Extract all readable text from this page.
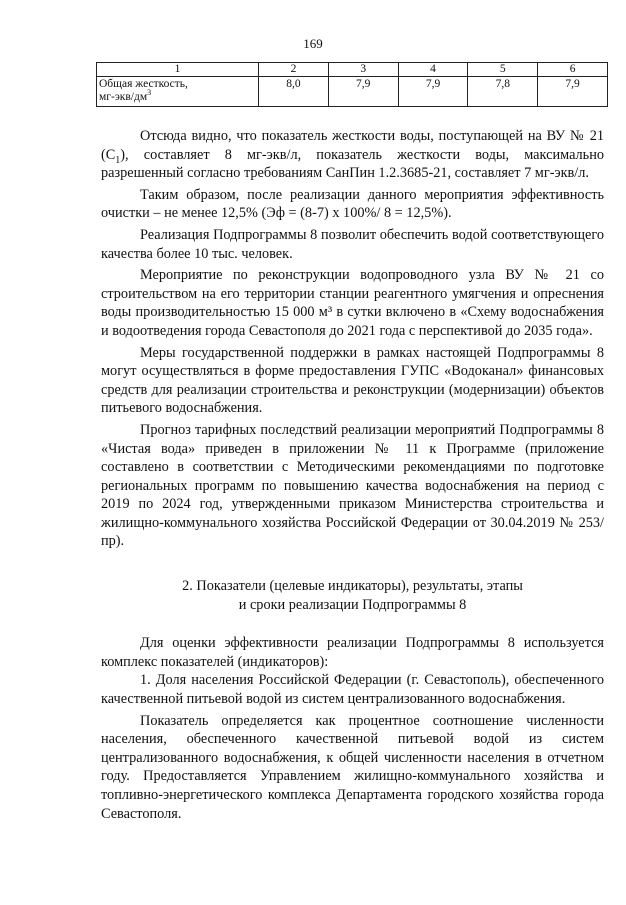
169
1	2	3	4	5	6
Общая жесткость,
$мг-экв/дм^3$	8,0	7,9	7,9	7,8	7,9

Отсюда видно, что показатель жесткости воды, поступающей на ВУ № 21 $(С_1)$, составляет 8 мг-экв/л, показатель жесткости воды, максимально разрешенный согласно требованиям СанПин 1.2.3685-21, составляет 7 мг-экв/л.

Таким образом, после реализации данного мероприятия эффективность очистки – не менее 12,5% (Эф = (8-7) х 100%/ 8 = 12,5%).

Реализация Подпрограммы 8 позволит обеспечить водой соответствующего качества более 10 тыс. человек.

Мероприятие по реконструкции водопроводного узла ВУ № 21 со строительством на его территории станции реагентного умягчения и опреснения воды производительностью 15 000 м³ в сутки включено в «Схему водоснабжения и водоотведения города Севастополя до 2021 года с перспективой до 2035 года».

Меры государственной поддержки в рамках настоящей Подпрограммы 8 могут осуществляться в форме предоставления ГУПС «Водоканал» финансовых средств для реализации строительства и реконструкции (модернизации) объектов питьевого водоснабжения.

Прогноз тарифных последствий реализации мероприятий Подпрограммы 8 «Чистая вода» приведен в приложении № 11 к Программе (приложение составлено в соответствии с Методическими рекомендациями по подготовке региональных программ по повышению качества водоснабжения на период с 2019 по 2024 год, утвержденными приказом Министерства строительства и жилищно-коммунального хозяйства Российской Федерации от 30.04.2019 № 253/пр).

2. Показатели (целевые индикаторы), результаты, этапы
и сроки реализации Подпрограммы 8

Для оценки эффективности реализации Подпрограммы 8 используется комплекс показателей (индикаторов):

1. Доля населения Российской Федерации (г. Севастополь), обеспеченного качественной питьевой водой из систем централизованного водоснабжения.

Показатель определяется как процентное соотношение численности населения, обеспеченного качественной питьевой водой из систем централизованного водоснабжения, к общей численности населения в отчетном году. Предоставляется Управлением жилищно-коммунального хозяйства и топливно-энергетического комплекса Департамента городского хозяйства города Севастополя.
